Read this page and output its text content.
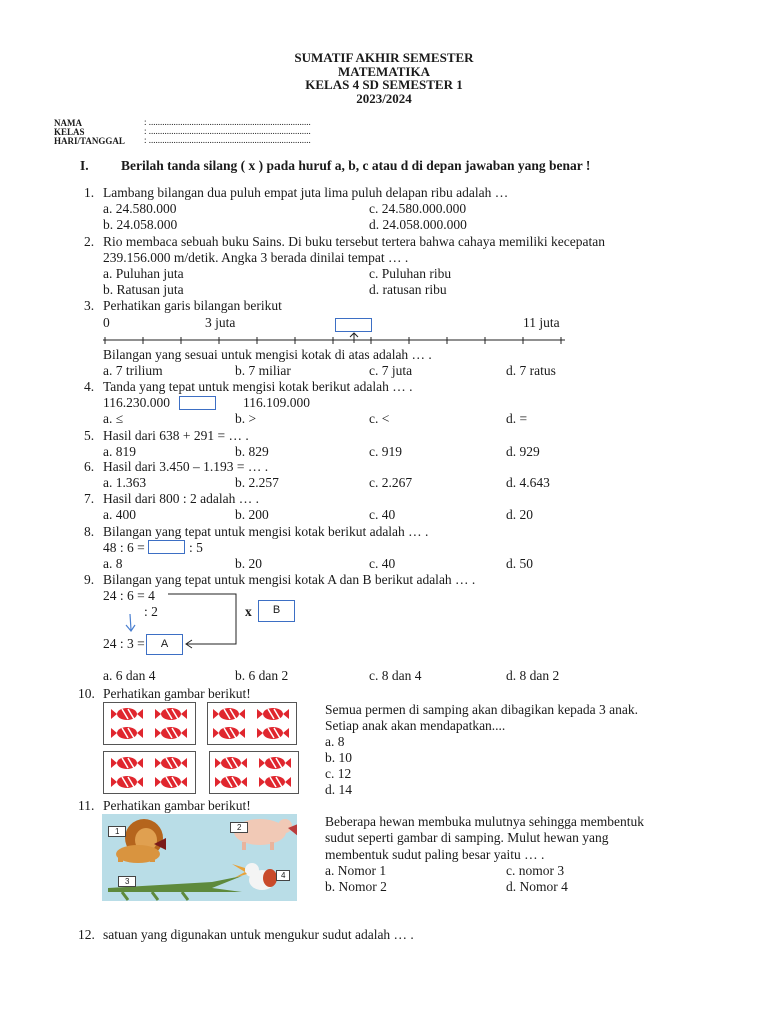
SUMATIF AKHIR SEMESTER
MATEMATIKA
KELAS 4 SD SEMESTER 1
2023/2024
NAMA	: ........................................................................
KELAS	: ........................................................................
HARI/TANGGAL : ........................................................................
I. Berilah tanda silang ( x ) pada huruf a, b, c atau d di depan jawaban yang benar !
1. Lambang bilangan dua puluh empat juta lima puluh delapan ribu adalah …
a. 24.580.000	c. 24.580.000.000
b. 24.058.000	d. 24.058.000.000
2. Rio membaca sebuah buku Sains. Di buku tersebut tertera bahwa cahaya memiliki kecepatan
239.156.000 m/detik. Angka 3 berada dinilai tempat … .
a. Puluhan juta	c. Puluhan ribu
b. Ratusan juta	d. ratusan ribu
3. Perhatikan garis bilangan berikut
0	3 juta	11 juta
Bilangan yang sesuai untuk mengisi kotak di atas adalah … .
a. 7 trilium	b. 7 miliar	c. 7 juta	d. 7 ratus
4. Tanda yang tepat untuk mengisi kotak berikut adalah … .
116.230.000	116.109.000
a. ≤	b. >	c. <	d. =
5. Hasil dari 638 + 291 = … .
a. 819	b. 829	c. 919	d. 929
6. Hasil dari 3.450 – 1.193 = … .
a. 1.363	b. 2.257	c. 2.267	d. 4.643
7. Hasil dari 800 : 2 adalah … .
a. 400	b. 200	c. 40	d. 20
8. Bilangan yang tepat untuk mengisi kotak berikut adalah … .
48 : 6 =	: 5
a. 8	b. 20	c. 40	d. 50
9. Bilangan yang tepat untuk mengisi kotak A dan B berikut adalah … .
24 : 6 = 4
: 2	x	B
24 : 3 =	A
a. 6 dan 4	b. 6 dan 2	c. 8 dan 4	d. 8 dan 2
10. Perhatikan gambar berikut!
Semua permen di samping akan dibagikan kepada 3 anak.
Setiap anak akan mendapatkan....
a. 8
b. 10
c. 12
d. 14
11. Perhatikan gambar berikut!
1	2
3
4
Beberapa hewan membuka mulutnya sehingga membentuk
sudut seperti gambar di samping. Mulut hewan yang
membentuk sudut paling besar yaitu … .
a. Nomor 1	c. nomor 3
b. Nomor 2	d. Nomor 4
12. satuan yang digunakan untuk mengukur sudut adalah … .
